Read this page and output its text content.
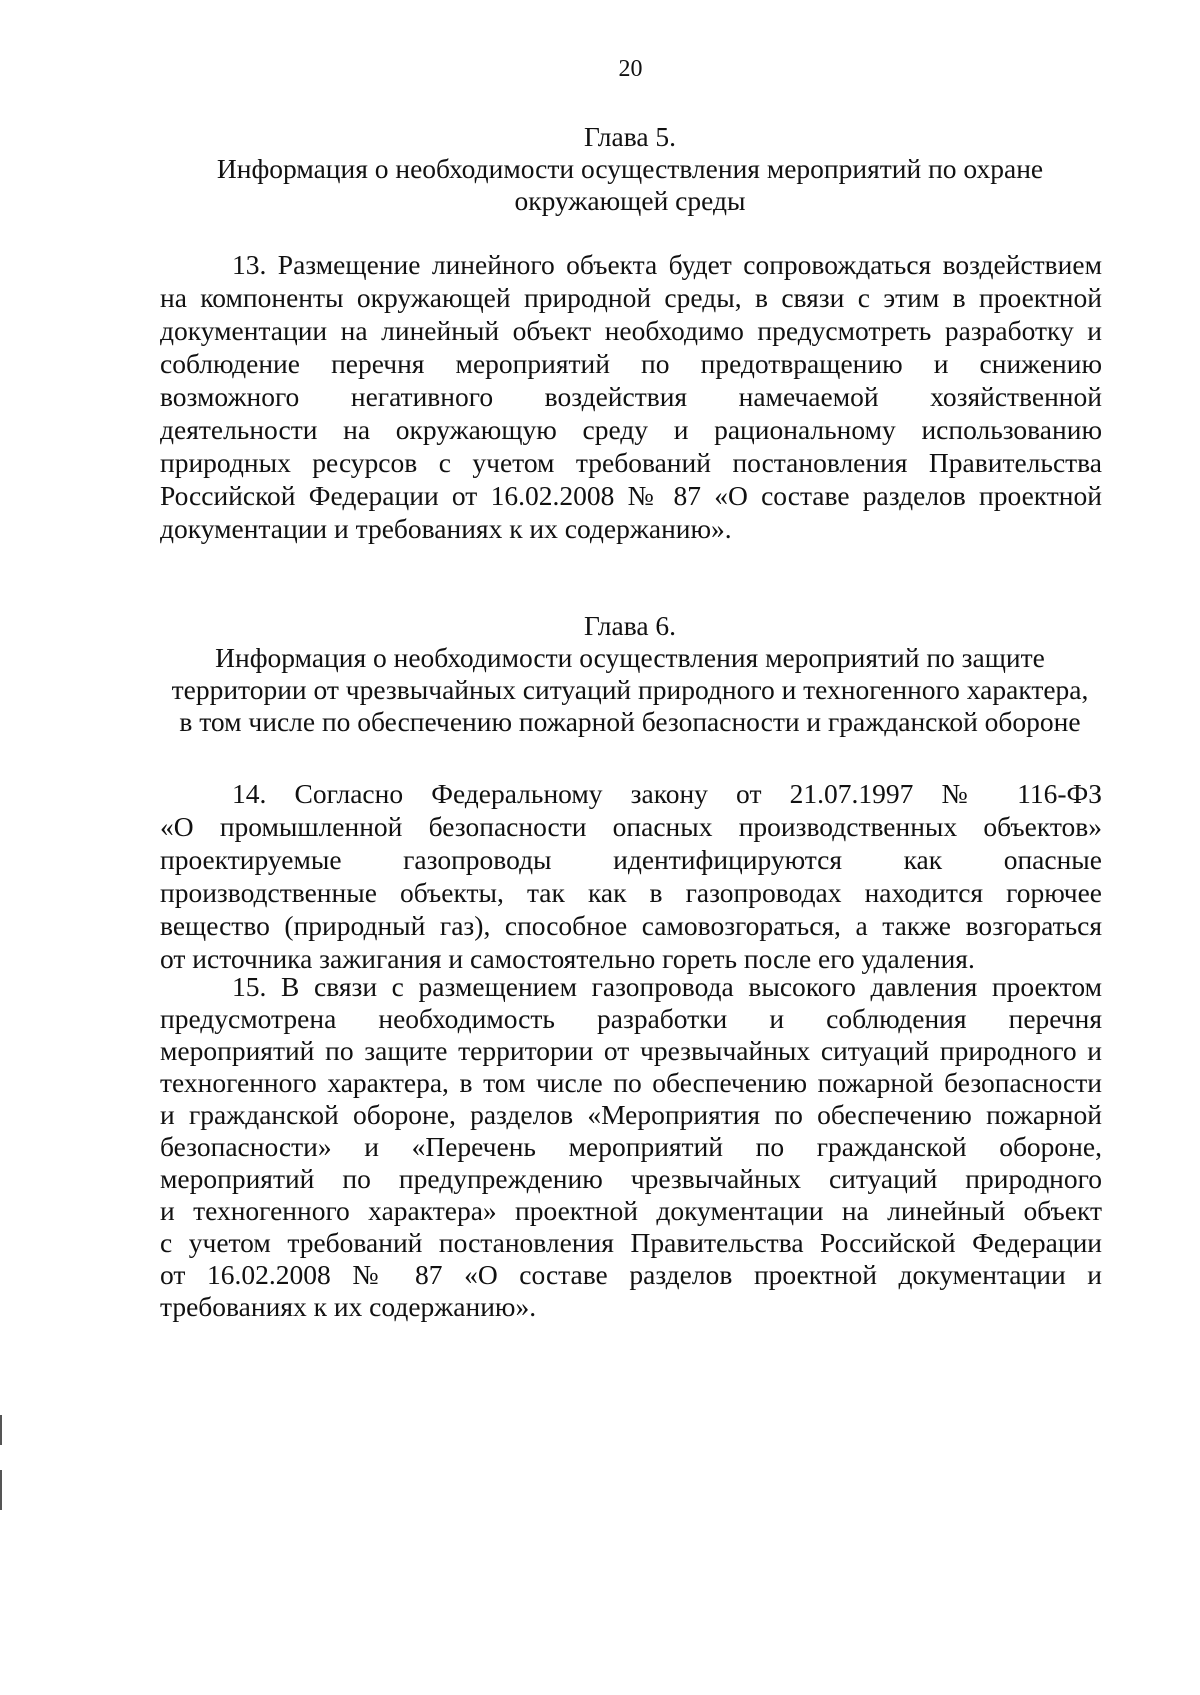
20
Глава 5.
Информация о необходимости осуществления мероприятий по охране
окружающей среды
13. Размещение линейного объекта будет сопровождаться воздействием
на компоненты окружающей природной среды, в связи с этим в проектной
документации на линейный объект необходимо предусмотреть разработку и
соблюдение перечня мероприятий по предотвращению и снижению
возможного негативного воздействия намечаемой хозяйственной
деятельности на окружающую среду и рациональному использованию
природных ресурсов с учетом требований постановления Правительства
Российской Федерации от 16.02.2008 № 87 «О составе разделов проектной
документации и требованиях к их содержанию».
Глава 6.
Информация о необходимости осуществления мероприятий по защите
территории от чрезвычайных ситуаций природного и техногенного характера,
в том числе по обеспечению пожарной безопасности и гражданской обороне
14. Согласно Федеральному закону от 21.07.1997 № 116-ФЗ
«О промышленной безопасности опасных производственных объектов»
проектируемые газопроводы идентифицируются как опасные
производственные объекты, так как в газопроводах находится горючее
вещество (природный газ), способное самовозгораться, а также возгораться
от источника зажигания и самостоятельно гореть после его удаления.
15. В связи с размещением газопровода высокого давления проектом
предусмотрена необходимость разработки и соблюдения перечня
мероприятий по защите территории от чрезвычайных ситуаций природного и
техногенного характера, в том числе по обеспечению пожарной безопасности
и гражданской обороне, разделов «Мероприятия по обеспечению пожарной
безопасности» и «Перечень мероприятий по гражданской обороне,
мероприятий по предупреждению чрезвычайных ситуаций природного
и техногенного характера» проектной документации на линейный объект
с учетом требований постановления Правительства Российской Федерации
от 16.02.2008 № 87 «О составе разделов проектной документации и
требованиях к их содержанию».
